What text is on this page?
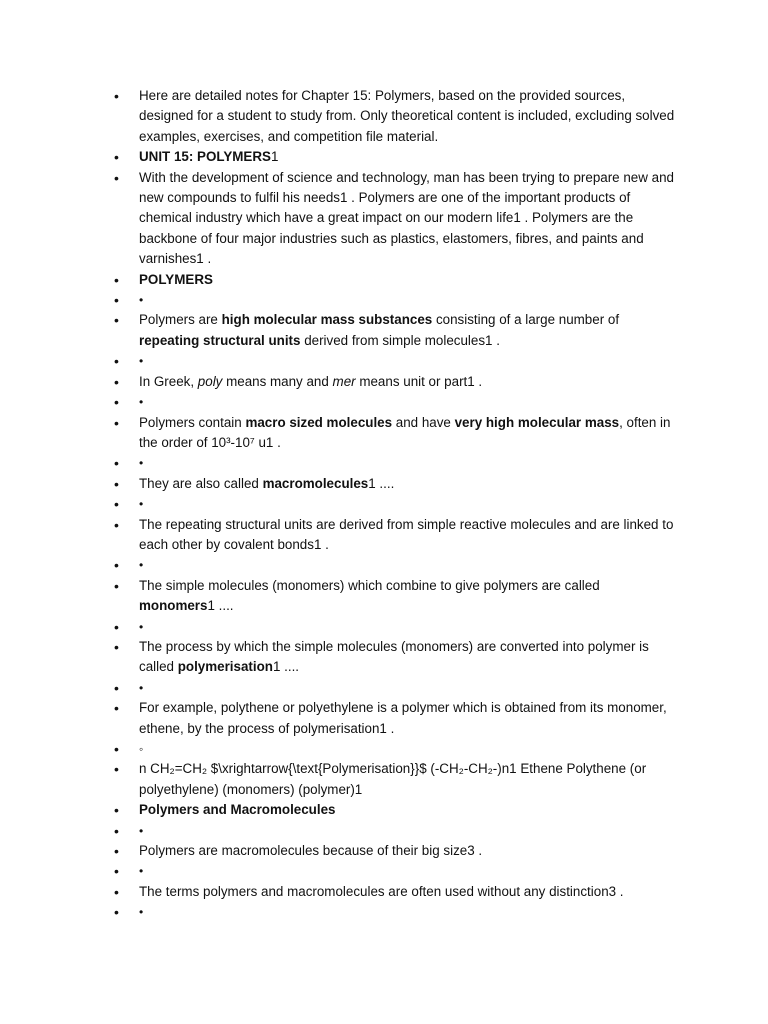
• Here are detailed notes for Chapter 15: Polymers, based on the provided sources, designed for a student to study from. Only theoretical content is included, excluding solved examples, exercises, and competition file material.
• UNIT 15: POLYMERS1
• With the development of science and technology, man has been trying to prepare new and new compounds to fulfil his needs1 . Polymers are one of the important products of chemical industry which have a great impact on our modern life1 . Polymers are the backbone of four major industries such as plastics, elastomers, fibres, and paints and varnishes1 .
• POLYMERS
• •
• Polymers are high molecular mass substances consisting of a large number of repeating structural units derived from simple molecules1 .
• •
• In Greek, poly means many and mer means unit or part1 .
• •
• Polymers contain macro sized molecules and have very high molecular mass, often in the order of 10³-10⁷ u1 .
• •
• They are also called macromolecules1 ....
• •
• The repeating structural units are derived from simple reactive molecules and are linked to each other by covalent bonds1 .
• •
• The simple molecules (monomers) which combine to give polymers are called monomers1 ....
• •
• The process by which the simple molecules (monomers) are converted into polymer is called polymerisation1 ....
• •
• For example, polythene or polyethylene is a polymer which is obtained from its monomer, ethene, by the process of polymerisation1 .
• ◦
• n CH₂=CH₂ $\xrightarrow{\text{Polymerisation}}$ (-CH₂-CH₂-)n1 Ethene Polythene (or polyethylene) (monomers) (polymer)1
• Polymers and Macromolecules
• •
• Polymers are macromolecules because of their big size3 .
• •
• The terms polymers and macromolecules are often used without any distinction3 .
• •
